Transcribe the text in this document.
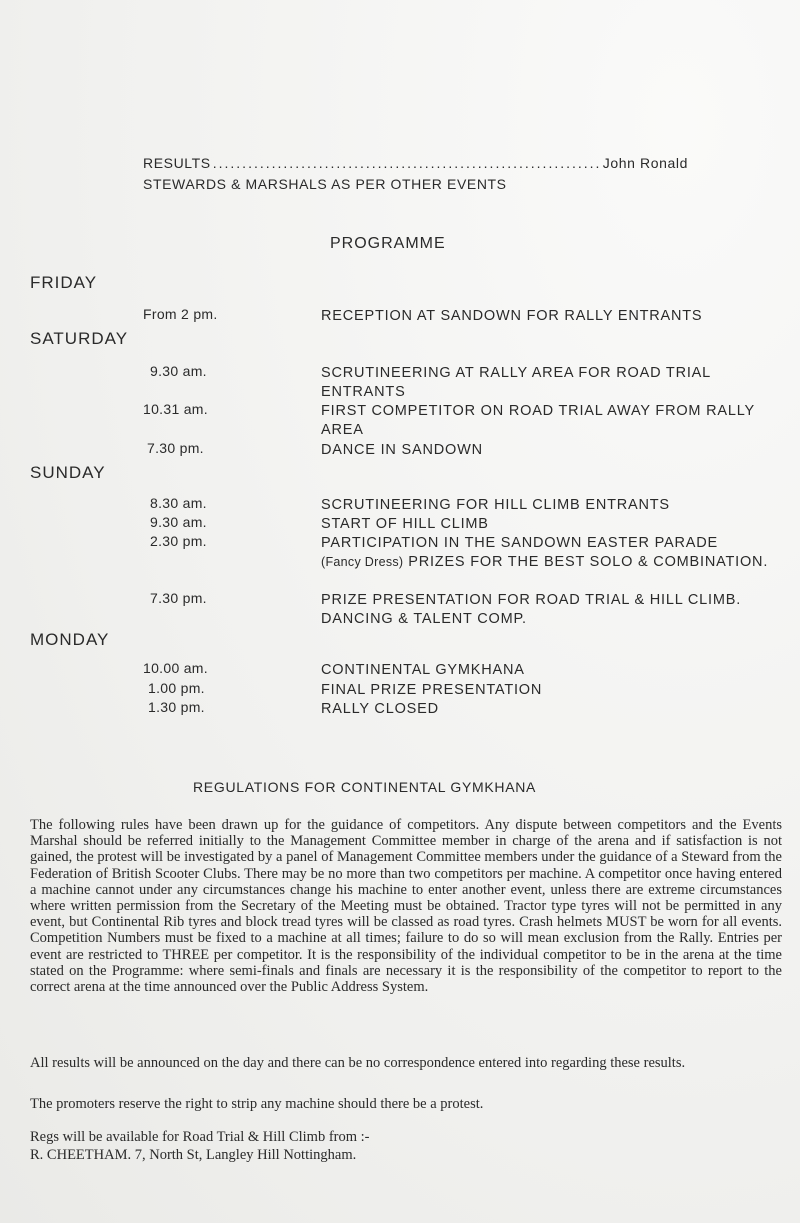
RESULTS
.....	John Ronald
STEWARDS & MARSHALS AS PER OTHER EVENTS
PROGRAMME
FRIDAY
From 2 pm.	RECEPTION AT SANDOWN FOR RALLY ENTRANTS
SATURDAY
9.30 am.	SCRUTINEERING AT RALLY AREA FOR ROAD TRIAL ENTRANTS
10.31 am.	FIRST COMPETITOR ON ROAD TRIAL AWAY FROM RALLY AREA
7.30 pm.	DANCE IN SANDOWN
SUNDAY
8.30 am.	SCRUTINEERING FOR HILL CLIMB ENTRANTS
9.30 am.	START OF HILL CLIMB
2.30 pm.	PARTICIPATION IN THE SANDOWN EASTER PARADE
(Fancy Dress) PRIZES FOR THE BEST SOLO & COMBINATION.
7.30 pm.	PRIZE PRESENTATION FOR ROAD TRIAL & HILL CLIMB. DANCING & TALENT COMP.
MONDAY
10.00 am.	CONTINENTAL GYMKHANA
1.00 pm.	FINAL PRIZE PRESENTATION
1.30 pm.	RALLY CLOSED
REGULATIONS FOR CONTINENTAL GYMKHANA

The following rules have been drawn up for the guidance of competitors. Any dispute between competitors and the Events Marshal should be referred initially to the Management Committee member in charge of the arena and if satisfaction is not gained, the protest will be investigated by a panel of Management Committee members under the guidance of a Steward from the Federation of British Scooter Clubs. There may be no more than two competitors per machine. A competitor once having entered a machine cannot under any circumstances change his machine to enter another event, unless there are extreme circumstances where written permission from the Secretary of the Meeting must be obtained. Tractor type tyres will not be permitted in any event, but Continental Rib tyres and block tread tyres will be classed as road tyres. Crash helmets MUST be worn for all events. Competition Numbers must be fixed to a machine at all times; failure to do so will mean exclusion from the Rally. Entries per event are restricted to THREE per competitor. It is the responsibility of the individual competitor to be in the arena at the time stated on the Programme: where semi-finals and finals are necessary it is the responsibility of the competitor to report to the correct arena at the time announced over the Public Address System.

All results will be announced on the day and there can be no correspondence entered into regarding these results.

The promoters reserve the right to strip any machine should there be a protest.

Regs will be available for Road Trial & Hill Climb from :-
R. CHEETHAM. 7, North St, Langley Hill Nottingham.
